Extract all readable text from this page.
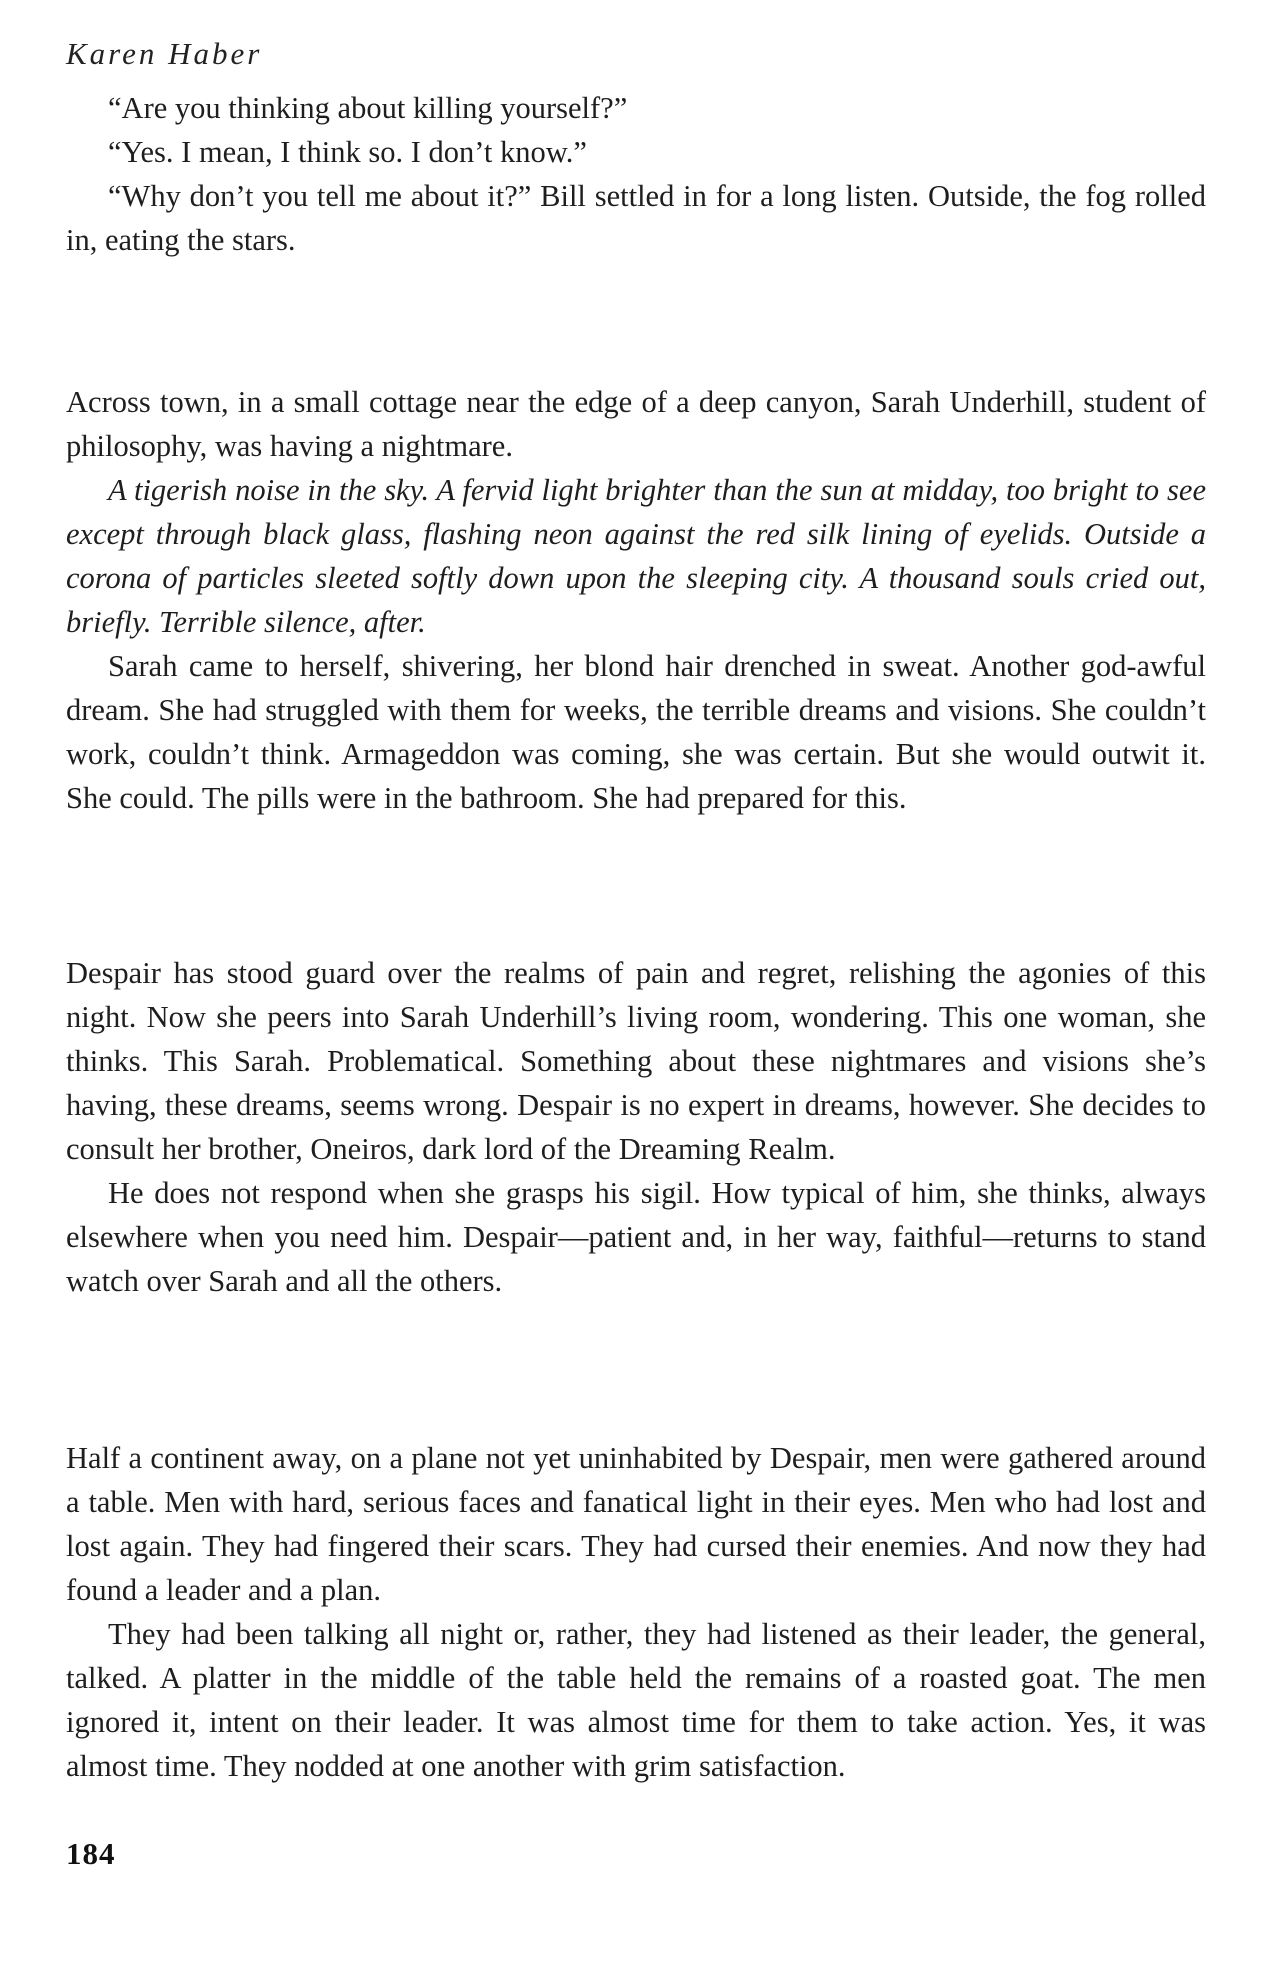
Karen Haber

“Are you thinking about killing yourself?”

“Yes. I mean, I think so. I don’t know.”

“Why don’t you tell me about it?” Bill settled in for a long listen. Outside, the fog rolled in, eating the stars.

Across town, in a small cottage near the edge of a deep canyon, Sarah Underhill, student of philosophy, was having a nightmare.

A tigerish noise in the sky. A fervid light brighter than the sun at midday, too bright to see except through black glass, flashing neon against the red silk lining of eyelids. Outside a corona of particles sleeted softly down upon the sleeping city. A thousand souls cried out, briefly. Terrible silence, after.

Sarah came to herself, shivering, her blond hair drenched in sweat. Another god-awful dream. She had struggled with them for weeks, the terrible dreams and visions. She couldn’t work, couldn’t think. Armageddon was coming, she was certain. But she would outwit it. She could. The pills were in the bathroom. She had prepared for this.

Despair has stood guard over the realms of pain and regret, relishing the agonies of this night. Now she peers into Sarah Underhill’s living room, wondering. This one woman, she thinks. This Sarah. Problematical. Something about these nightmares and visions she’s having, these dreams, seems wrong. Despair is no expert in dreams, however. She decides to consult her brother, Oneiros, dark lord of the Dreaming Realm.

He does not respond when she grasps his sigil. How typical of him, she thinks, always elsewhere when you need him. Despair—patient and, in her way, faithful—returns to stand watch over Sarah and all the others.

Half a continent away, on a plane not yet uninhabited by Despair, men were gathered around a table. Men with hard, serious faces and fanatical light in their eyes. Men who had lost and lost again. They had fingered their scars. They had cursed their enemies. And now they had found a leader and a plan.

They had been talking all night or, rather, they had listened as their leader, the general, talked. A platter in the middle of the table held the remains of a roasted goat. The men ignored it, intent on their leader. It was almost time for them to take action. Yes, it was almost time. They nodded at one another with grim satisfaction.

184
